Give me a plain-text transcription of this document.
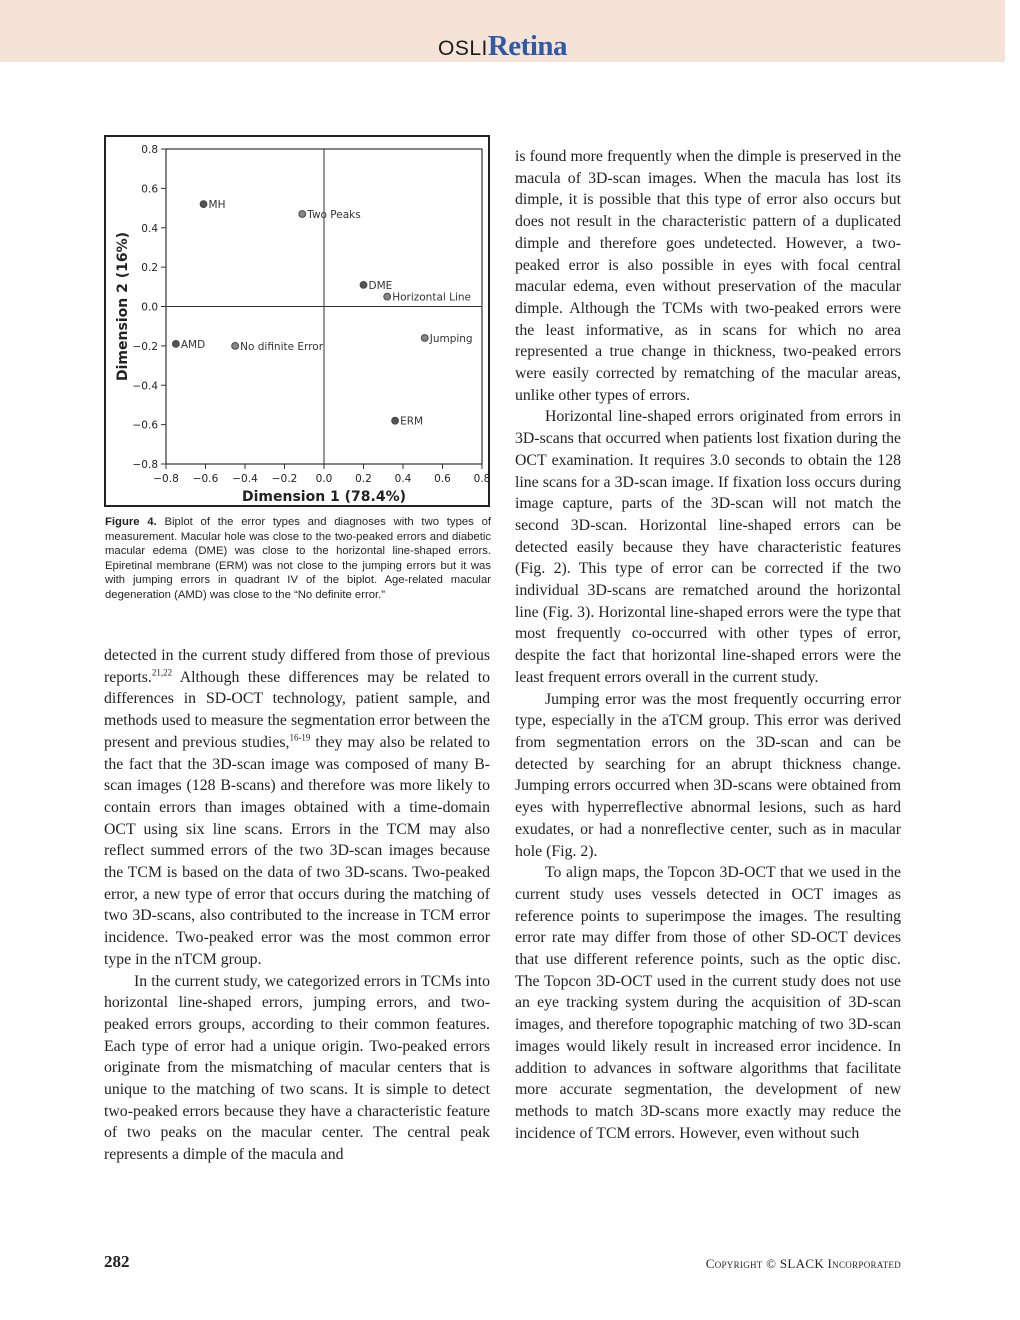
OSLIRetina
−0.8 −0.6 −0.4 −0.2 0.0 0.2 0.4 0.6 0.8
0.8
0.6
0.4
0.2
0.0
−0.2
−0.4
−0.6
−0.8
Dimension 1 (78.4%)
Dimension 2 (16%)
MH
Two Peaks
DME
Horizontal Line
AMD	No difinite Error
Jumping
ERM
Figure 4. Biplot of the error types and diagnoses with two types of measurement. Macular hole was close to the two-peaked errors and diabetic macular edema (DME) was close to the horizontal line-shaped errors. Epiretinal membrane (ERM) was not close to the jumping errors but it was with jumping errors in quadrant IV of the biplot. Age-related macular degeneration (AMD) was close to the “No definite error.”

detected in the current study differed from those of previous reports.$^{21,22}$ Although these differences may be related to differences in SD-OCT technology, patient sample, and methods used to measure the segmentation error between the present and previous studies,$^{16-19}$ they may also be related to the fact that the 3D-scan image was composed of many B-scan images (128 B-scans) and therefore was more likely to contain errors than images obtained with a time-domain OCT using six line scans. Errors in the TCM may also reflect summed errors of the two 3D-scan images because the TCM is based on the data of two 3D-scans. Two-peaked error, a new type of error that occurs during the matching of two 3D-scans, also contributed to the increase in TCM error incidence. Two-peaked error was the most common error type in the nTCM group.

In the current study, we categorized errors in TCMs into horizontal line-shaped errors, jumping errors, and two-peaked errors groups, according to their common features. Each type of error had a unique origin. Two-peaked errors originate from the mismatching of macular centers that is unique to the matching of two scans. It is simple to detect two-peaked errors because they have a characteristic feature of two peaks on the macular center. The central peak represents a dimple of the macula and

is found more frequently when the dimple is preserved in the macula of 3D-scan images. When the macula has lost its dimple, it is possible that this type of error also occurs but does not result in the characteristic pattern of a duplicated dimple and therefore goes undetected. However, a two-peaked error is also possible in eyes with focal central macular edema, even without preservation of the macular dimple. Although the TCMs with two-peaked errors were the least informative, as in scans for which no area represented a true change in thickness, two-peaked errors were easily corrected by rematching of the macular areas, unlike other types of errors.

Horizontal line-shaped errors originated from errors in 3D-scans that occurred when patients lost fixation during the OCT examination. It requires 3.0 seconds to obtain the 128 line scans for a 3D-scan image. If fixation loss occurs during image capture, parts of the 3D-scan will not match the second 3D-scan. Horizontal line-shaped errors can be detected easily because they have characteristic features (Fig. 2). This type of error can be corrected if the two individual 3D-scans are rematched around the horizontal line (Fig. 3). Horizontal line-shaped errors were the type that most frequently co-occurred with other types of error, despite the fact that horizontal line-shaped errors were the least frequent errors overall in the current study.

Jumping error was the most frequently occurring error type, especially in the aTCM group. This error was derived from segmentation errors on the 3D-scan and can be detected by searching for an abrupt thickness change. Jumping errors occurred when 3D-scans were obtained from eyes with hyperreflective abnormal lesions, such as hard exudates, or had a nonreflective center, such as in macular hole (Fig. 2).

To align maps, the Topcon 3D-OCT that we used in the current study uses vessels detected in OCT images as reference points to superimpose the images. The resulting error rate may differ from those of other SD-OCT devices that use different reference points, such as the optic disc. The Topcon 3D-OCT used in the current study does not use an eye tracking system during the acquisition of 3D-scan images, and therefore topographic matching of two 3D-scan images would likely result in increased error incidence. In addition to advances in software algorithms that facilitate more accurate segmentation, the development of new methods to match 3D-scans more exactly may reduce the incidence of TCM errors. However, even without such

282	Copyright © SLACK Incorporated
